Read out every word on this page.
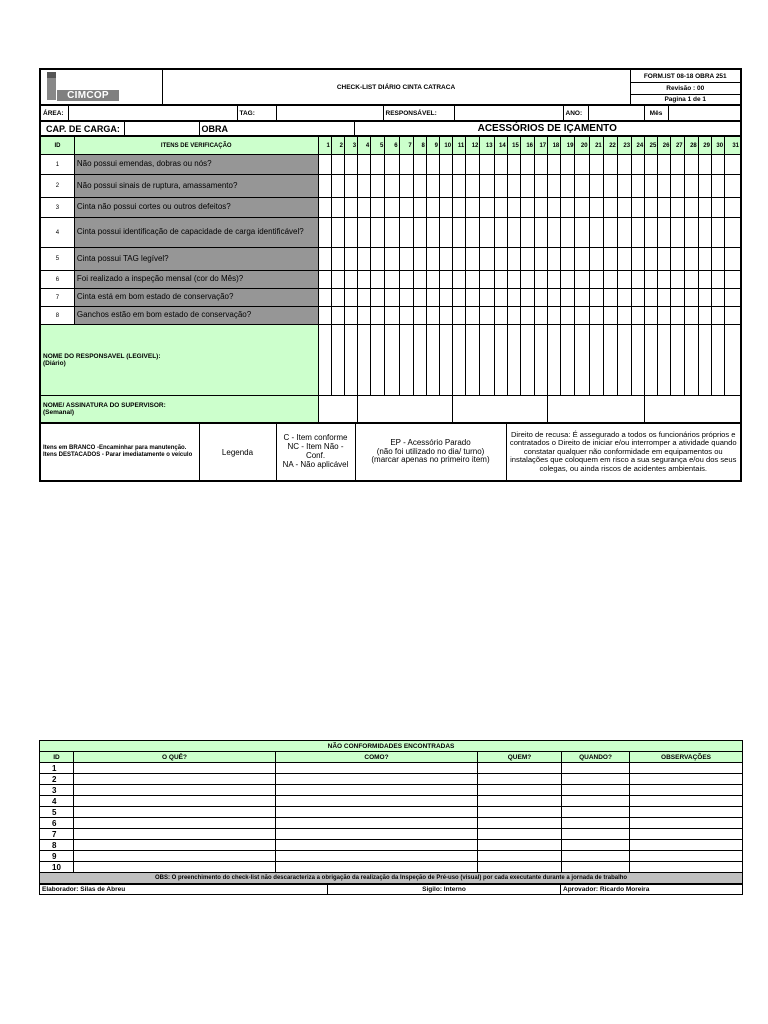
CIMCOP
	CHECK-LIST DIÁRIO CINTA CATRACA	FORM.IST 08-18 OBRA 251
Revisão : 00
Pagina 1 de 1
ÁREA:		TAG:		RESPONSÁVEL:		ANO:		Mês	
CAP. DE CARGA:		OBRA	ACESSÓRIOS DE IÇAMENTO
ID	ITENS DE VERIFICAÇÃO	1	2	3	4	5	6	7	8	9	10	11	12	13	14	15	16	17	18	19	20	21	22	23	24	25	26	27	28	29	30	31
1	Não possui emendas, dobras ou nós?																															
2	Não possui sinais de ruptura, amassamento?																															
3	Cinta não possui cortes ou outros defeitos?																															
4	Cinta possui identificação de capacidade de carga identificável?																															
5	Cinta possui TAG legível?																															
6	Foi realizado a inspeção mensal (cor do Mês)?																															
7	Cinta está em bom estado de conservação?																															
8	Ganchos estão em bom estado de conservação?																															
NOME DO RESPONSAVEL (LEGIVEL):
(Diário)																																
NOME/ ASSINATURA DO SUPERVISOR:
(Semanal)																																
Itens em BRANCO -Encaminhar para manutenção.
Itens DESTACADOS - Parar imediatamente o veículo	Legenda	C - Item conforme
NC - Item Não - Conf.
NA - Não aplicável	EP - Acessório Parado
(não foi utilizado no dia/ turno)
(marcar apenas no primeiro item)	Direito de recusa: É assegurado a todos os funcionários próprios e contratados o Direito de iniciar e/ou interromper a atividade quando constatar qualquer não conformidade em equipamentos ou instalações que coloquem em risco a sua segurança e/ou dos seus colegas, ou ainda riscos de acidentes ambientais.
NÃO CONFORMIDADES ENCONTRADAS					
ID	O QUÊ?	COMO?	QUEM?	QUANDO?	OBSERVAÇÕES
1					
2					
3					
4					
5					
6					
7					
8					
9					
10					
OBS: O preenchimento do check-list não descaracteriza a obrigação da realização da Inspeção de Pré-uso (visual) por cada executante durante a jornada de trabalho					
Elaborador: Silas de Abreu	Sigilo: Interno	Aprovador: Ricardo Moreira
